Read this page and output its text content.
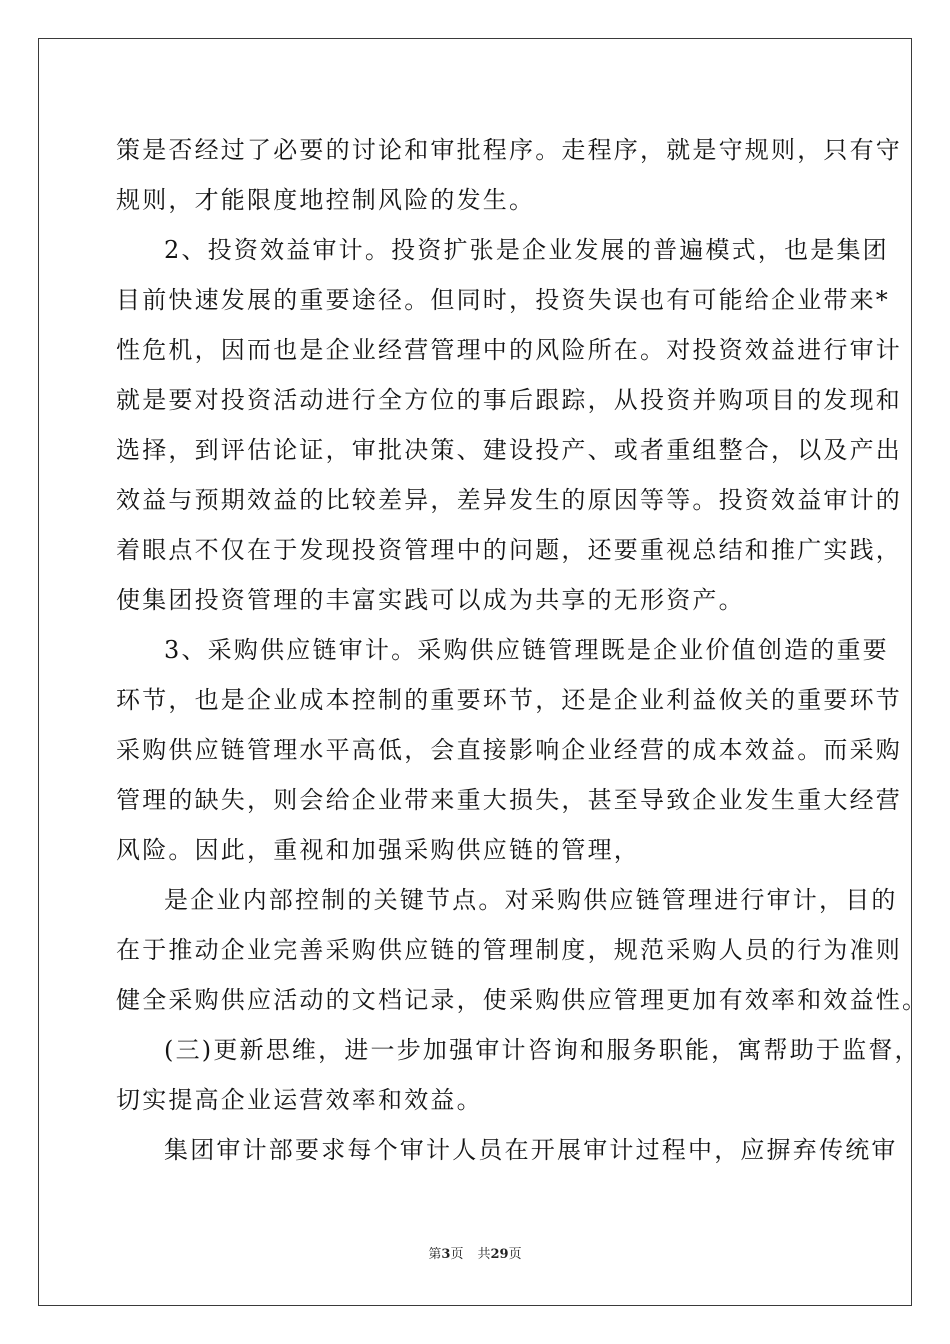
策是否经过了必要的讨论和审批程序。走程序，就是守规则，只有守
规则，才能限度地控制风险的发生。
2、投资效益审计。投资扩张是企业发展的普遍模式，也是集团
目前快速发展的重要途径。但同时，投资失误也有可能给企业带来*
性危机，因而也是企业经营管理中的风险所在。对投资效益进行审计
就是要对投资活动进行全方位的事后跟踪，从投资并购项目的发现和
选择，到评估论证，审批决策、建设投产、或者重组整合，以及产出
效益与预期效益的比较差异，差异发生的原因等等。投资效益审计的
着眼点不仅在于发现投资管理中的问题，还要重视总结和推广实践，
使集团投资管理的丰富实践可以成为共享的无形资产。
3、采购供应链审计。采购供应链管理既是企业价值创造的重要
环节，也是企业成本控制的重要环节，还是企业利益攸关的重要环节
采购供应链管理水平高低，会直接影响企业经营的成本效益。而采购
管理的缺失，则会给企业带来重大损失，甚至导致企业发生重大经营
风险。因此，重视和加强采购供应链的管理，
是企业内部控制的关键节点。对采购供应链管理进行审计，目的
在于推动企业完善采购供应链的管理制度，规范采购人员的行为准则
健全采购供应活动的文档记录，使采购供应管理更加有效率和效益性。
(三)更新思维，进一步加强审计咨询和服务职能，寓帮助于监督，
切实提高企业运营效率和效益。
集团审计部要求每个审计人员在开展审计过程中，应摒弃传统审
第3页 共29页
